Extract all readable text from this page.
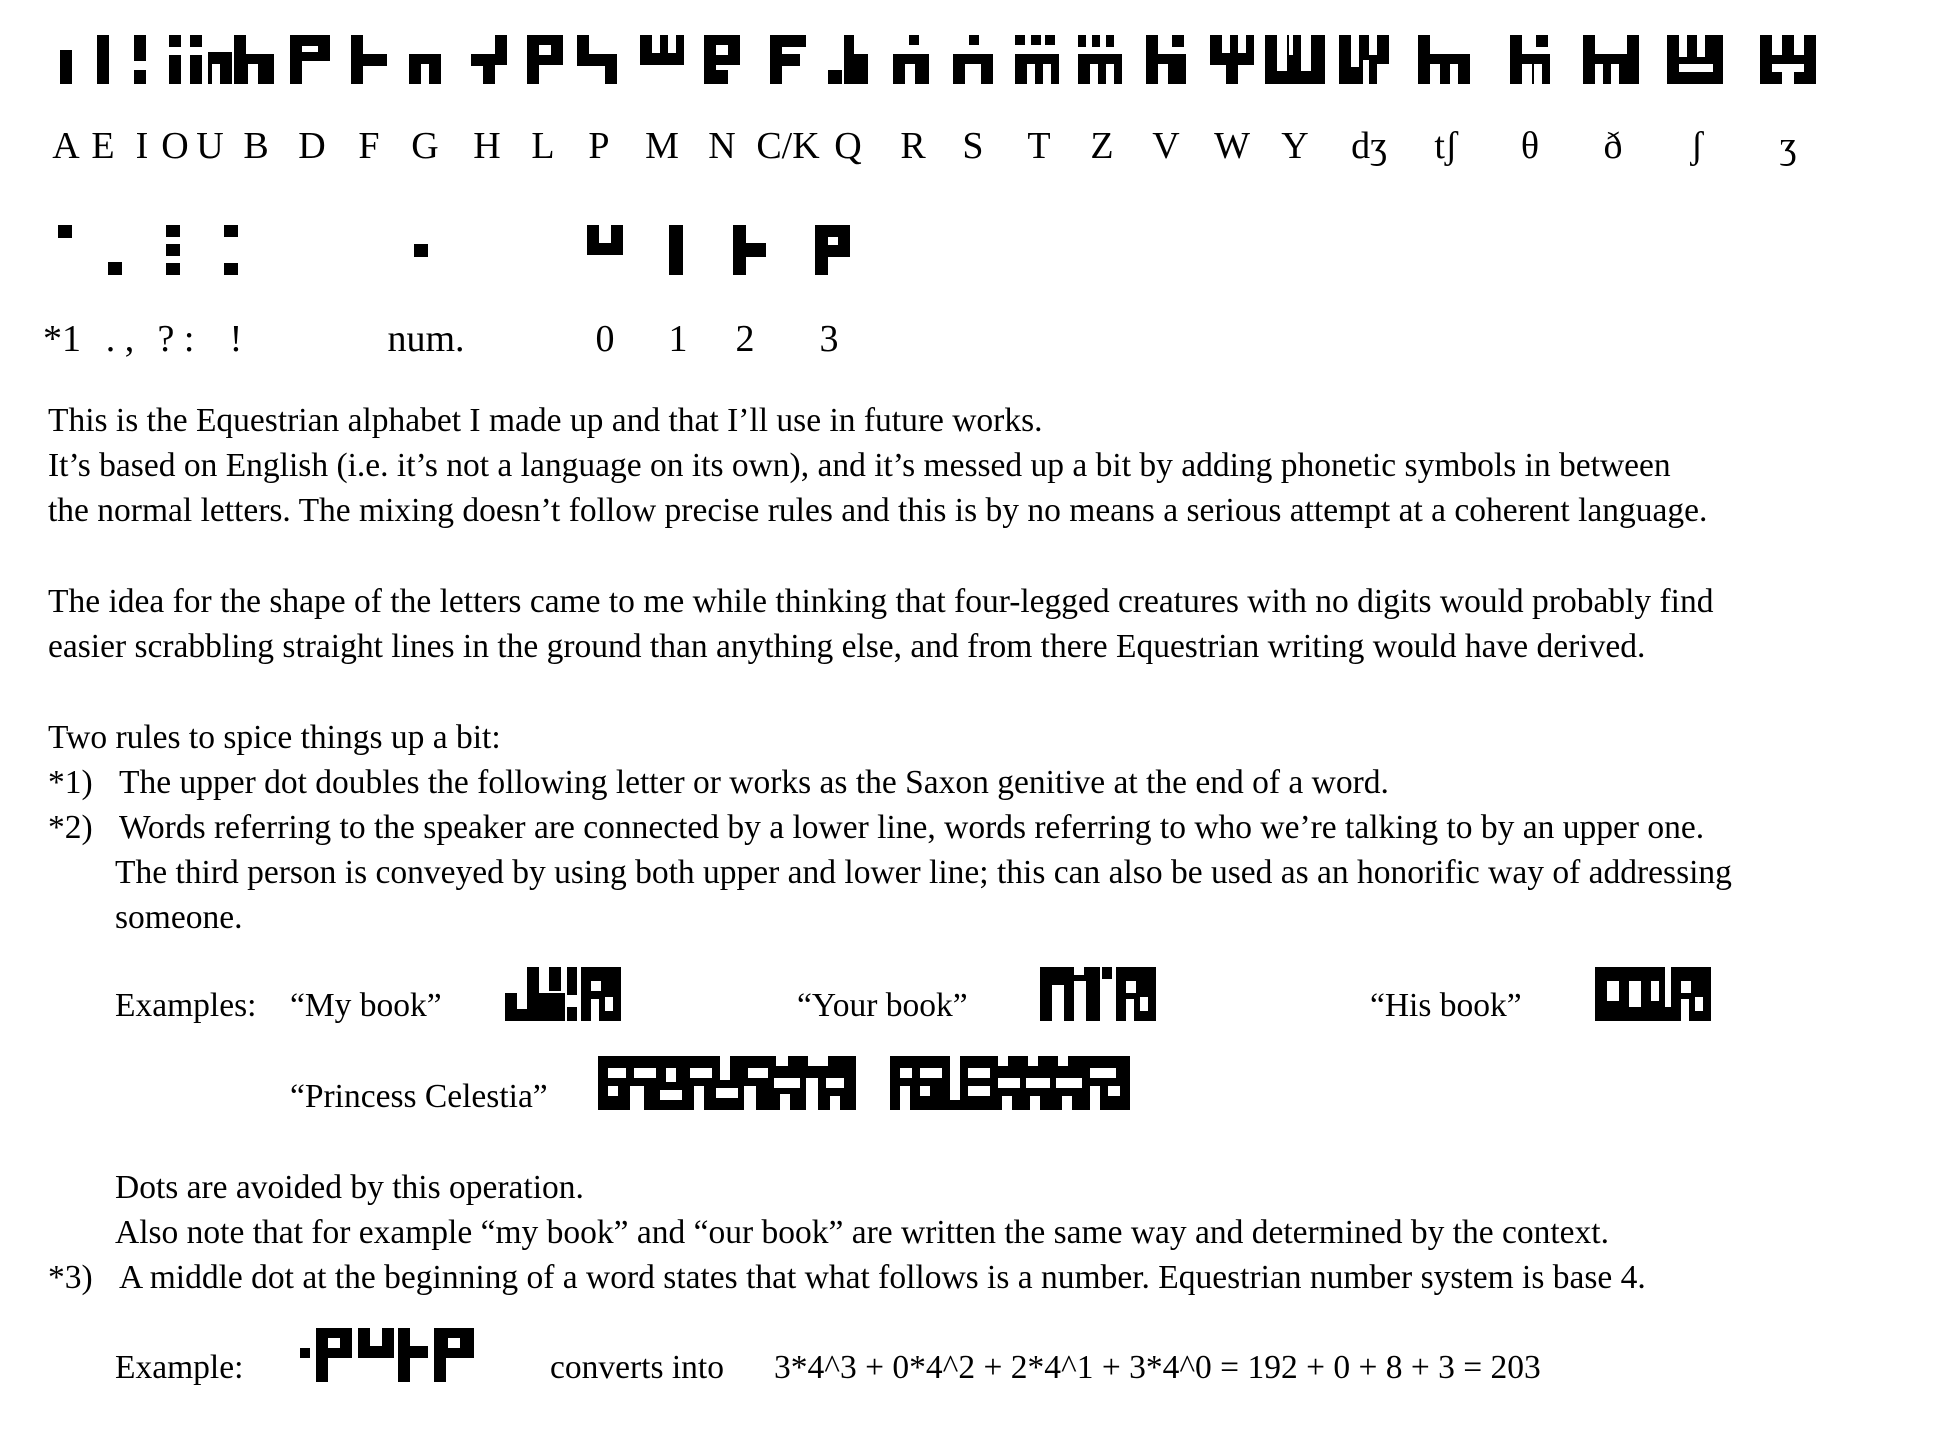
A E I O U B D F G H L P M N C/K Q R S T Z V W Y dʒ tʃ θ ð ʃ ʒ
*1 . , ? : !	num.	0 1 2 3
This is the Equestrian alphabet I made up and that I’ll use in future works.
It’s based on English (i.e. it’s not a language on its own), and it’s messed up a bit by adding phonetic symbols in between
the normal letters. The mixing doesn’t follow precise rules and this is by no means a serious attempt at a coherent language.
The idea for the shape of the letters came to me while thinking that four-legged creatures with no digits would probably find
easier scrabbling straight lines in the ground than anything else, and from there Equestrian writing would have derived.
Two rules to spice things up a bit:
*1) The upper dot doubles the following letter or works as the Saxon genitive at the end of a word.
*2) Words referring to the speaker are connected by a lower line, words referring to who we’re talking to by an upper one.
The third person is conveyed by using both upper and lower line; this can also be used as an honorific way of addressing
someone.
Examples: “My book”	“Your book”	“His book”
“Princess Celestia”
Dots are avoided by this operation.
Also note that for example “my book” and “our book” are written the same way and determined by the context.
*3) A middle dot at the beginning of a word states that what follows is a number. Equestrian number system is base 4.
Example:	converts into 3*4^3 + 0*4^2 + 2*4^1 + 3*4^0 = 192 + 0 + 8 + 3 = 203
